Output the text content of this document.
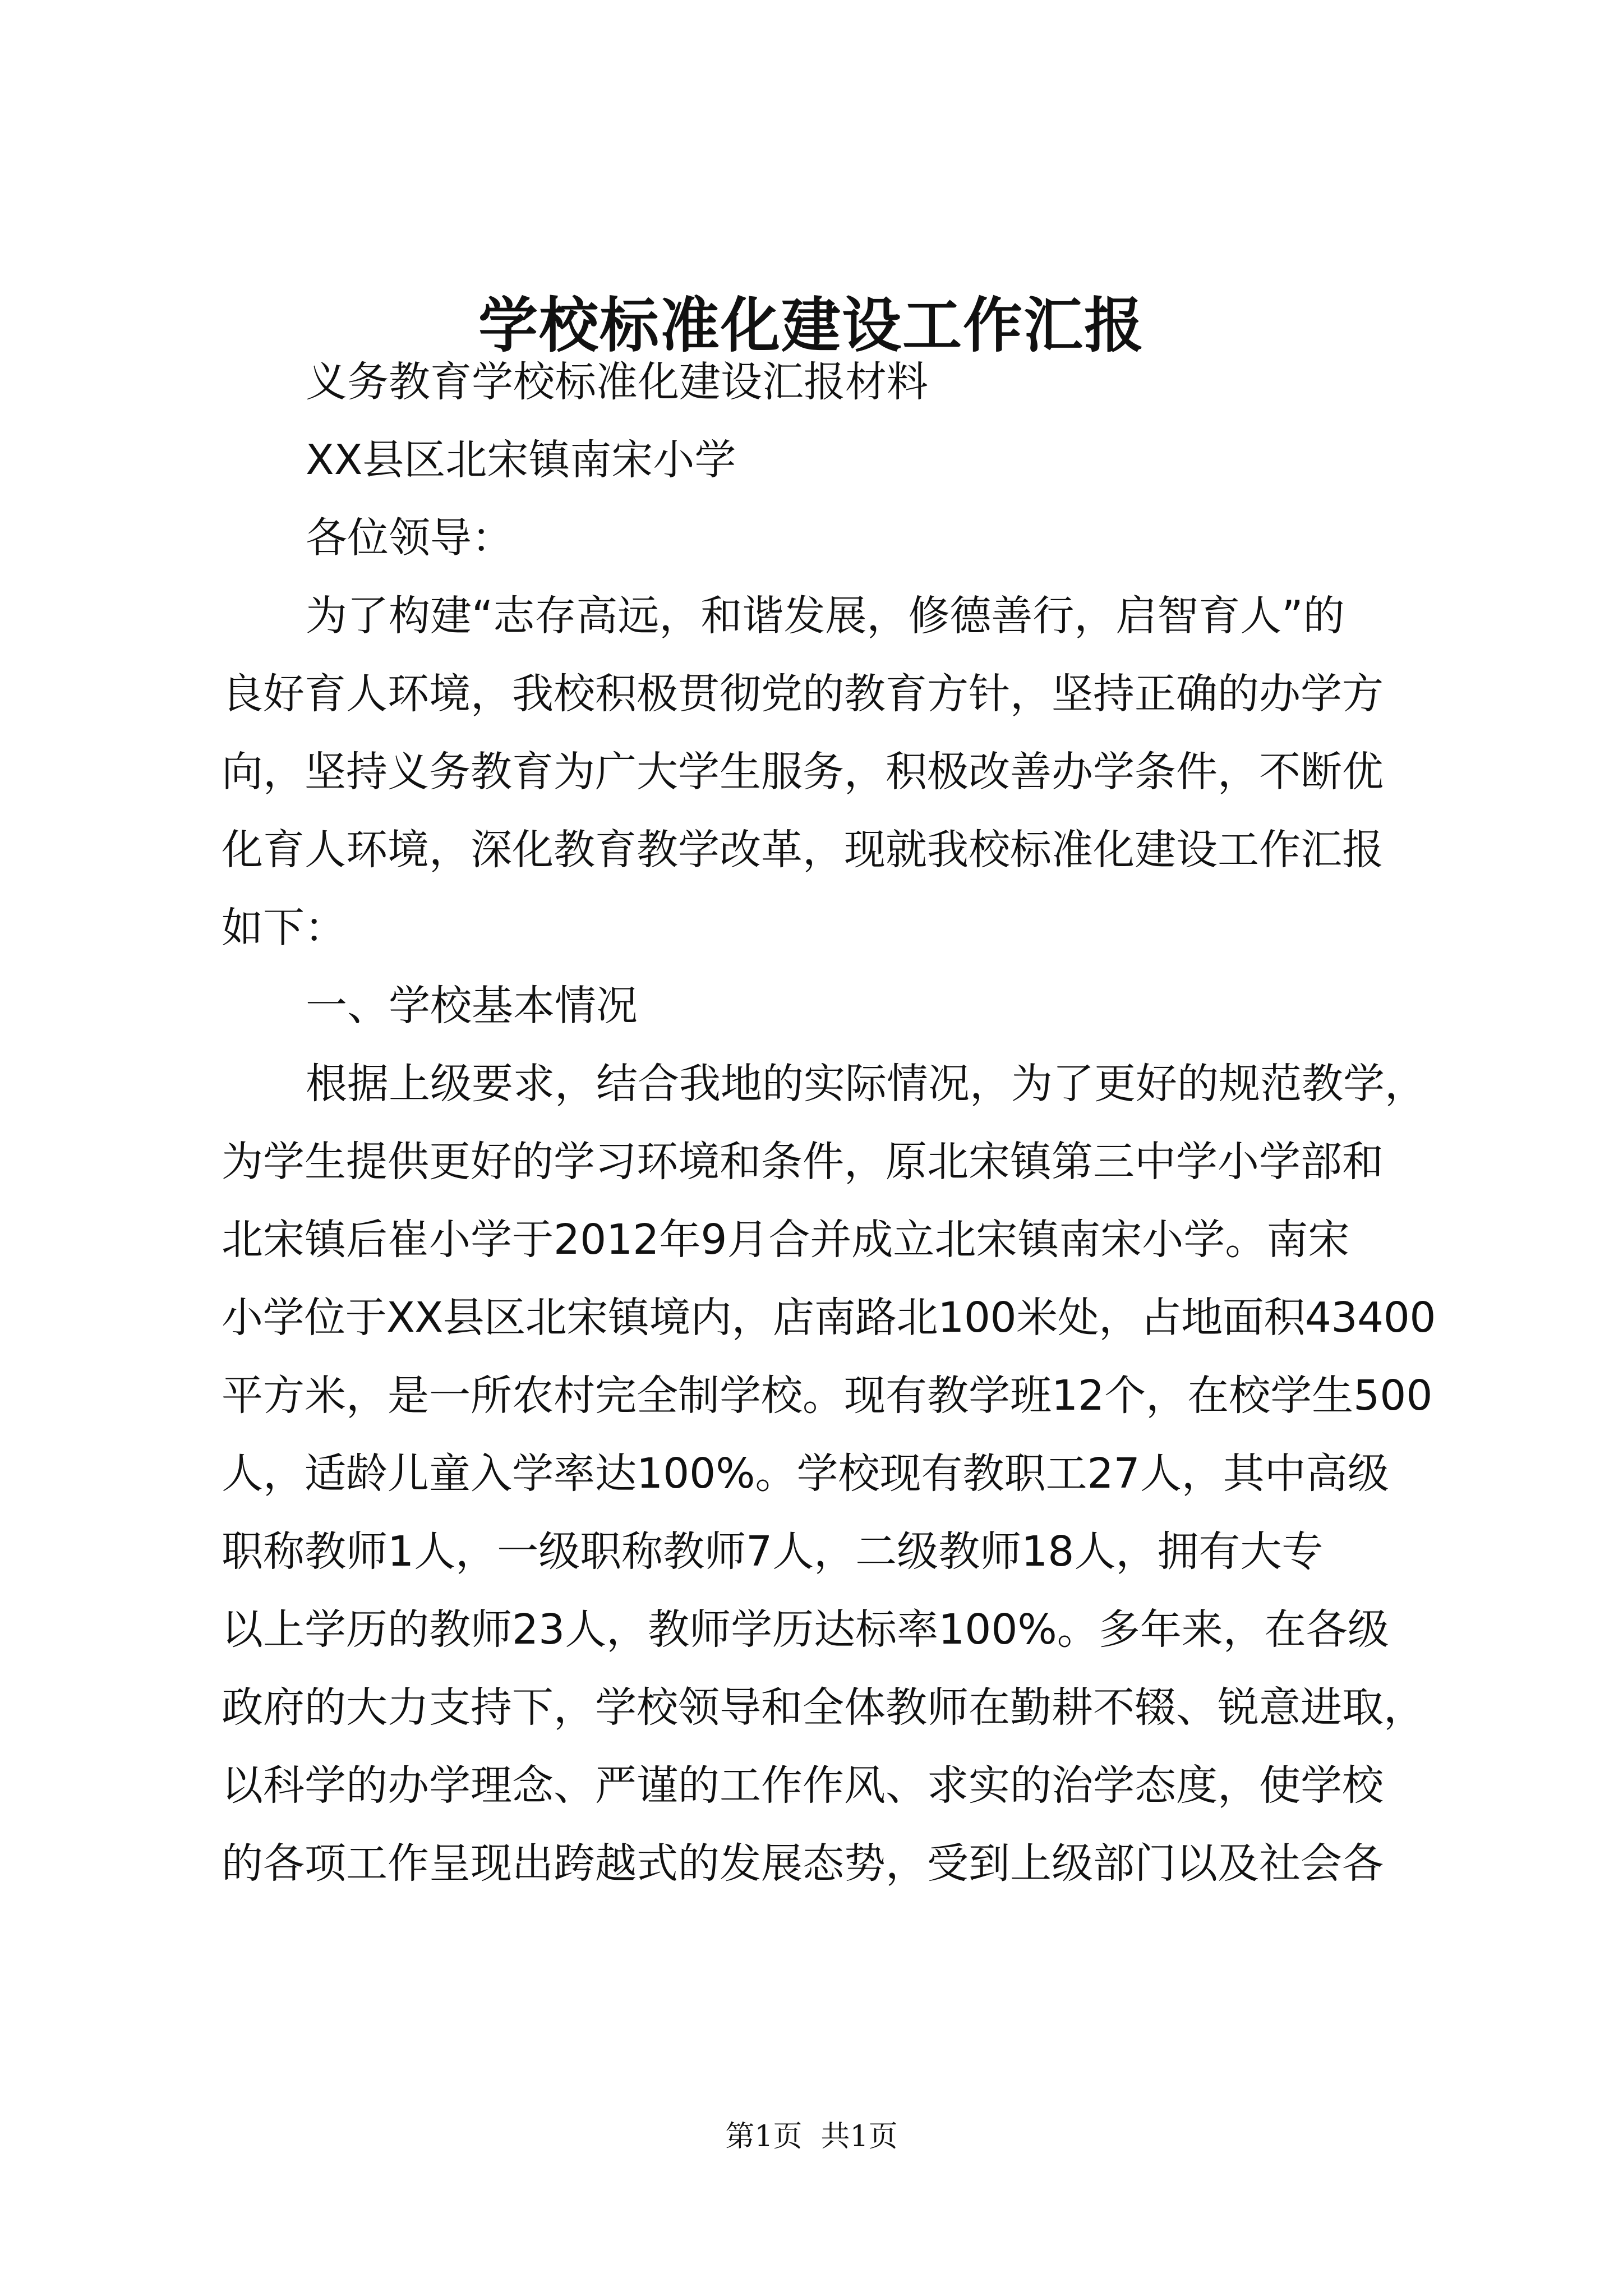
学校标准化建设工作汇报
义务教育学校标准化建设汇报材料
XX县区北宋镇南宋小学
各位领导：
为了构建“志存高远，和谐发展，修德善行，启智育人”的
良好育人环境，我校积极贯彻党的教育方针，坚持正确的办学方
向，坚持义务教育为广大学生服务，积极改善办学条件，不断优
化育人环境，深化教育教学改革，现就我校标准化建设工作汇报
如下：
一、学校基本情况
根据上级要求，结合我地的实际情况，为了更好的规范教学，
为学生提供更好的学习环境和条件，原北宋镇第三中学小学部和
北宋镇后崔小学于2012年9月合并成立北宋镇南宋小学。南宋
小学位于XX县区北宋镇境内，店南路北100米处，占地面积43400
平方米，是一所农村完全制学校。现有教学班12个，在校学生500
人，适龄儿童入学率达100%。学校现有教职工27人，其中高级
职称教师1人，一级职称教师7人，二级教师18人，拥有大专
以上学历的教师23人，教师学历达标率100%。多年来，在各级
政府的大力支持下，学校领导和全体教师在勤耕不辍、锐意进取，
以科学的办学理念、严谨的工作作风、求实的治学态度，使学校
的各项工作呈现出跨越式的发展态势，受到上级部门以及社会各
第1页 共1页
